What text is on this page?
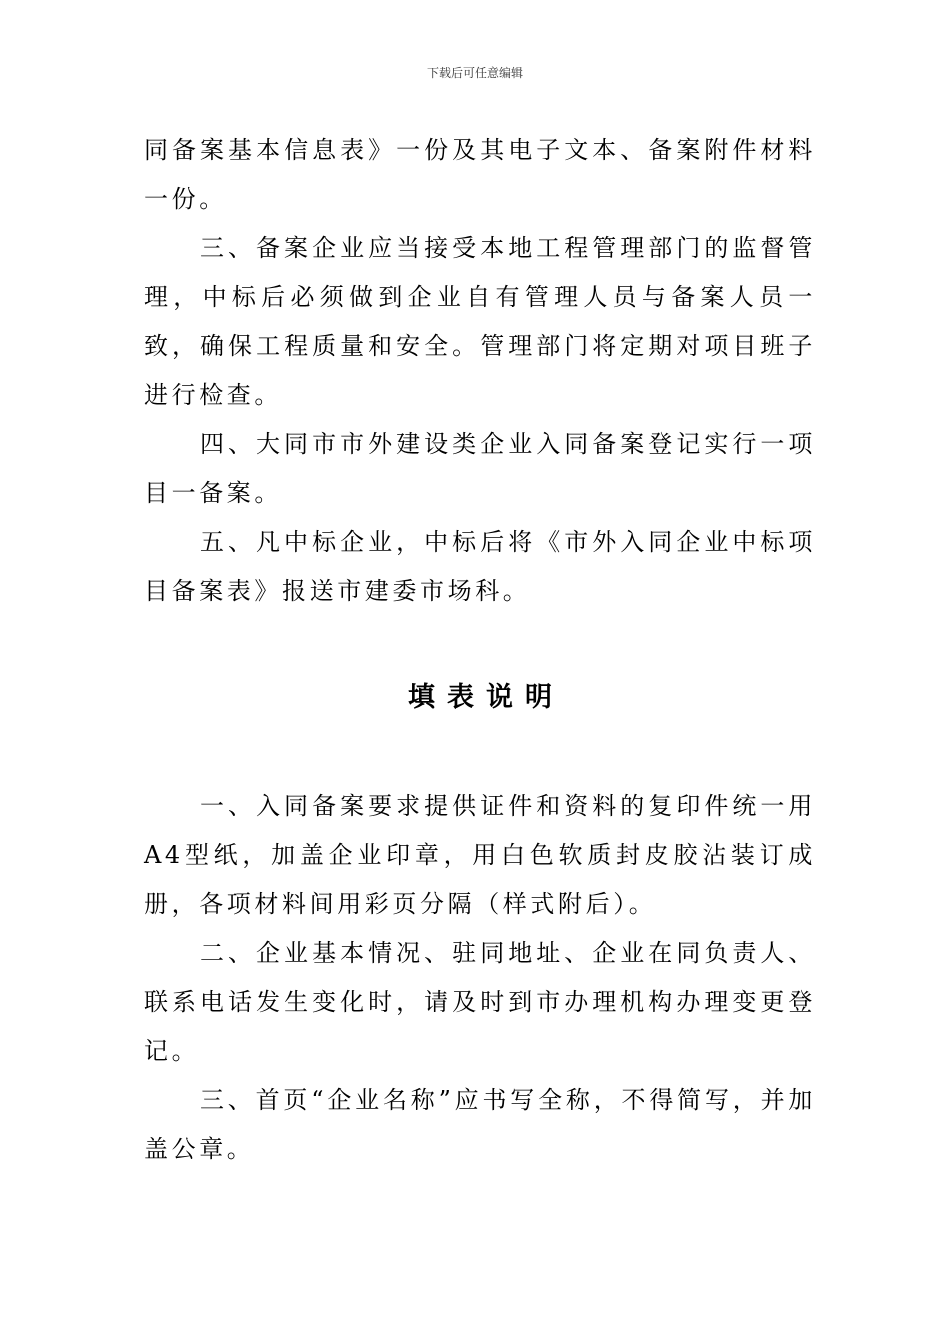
下载后可任意编辑

同备案基本信息表》一份及其电子文本、备案附件材料一份。

三、备案企业应当接受本地工程管理部门的监督管理，中标后必须做到企业自有管理人员与备案人员一致，确保工程质量和安全。管理部门将定期对项目班子进行检查。

四、大同市市外建设类企业入同备案登记实行一项目一备案。

五、凡中标企业，中标后将《市外入同企业中标项目备案表》报送市建委市场科。

填表说明

一、入同备案要求提供证件和资料的复印件统一用A4型纸，加盖企业印章，用白色软质封皮胶沾装订成册，各项材料间用彩页分隔（样式附后）。

二、企业基本情况、驻同地址、企业在同负责人、联系电话发生变化时，请及时到市办理机构办理变更登记。

三、首页“企业名称”应书写全称，不得简写，并加盖公章。
